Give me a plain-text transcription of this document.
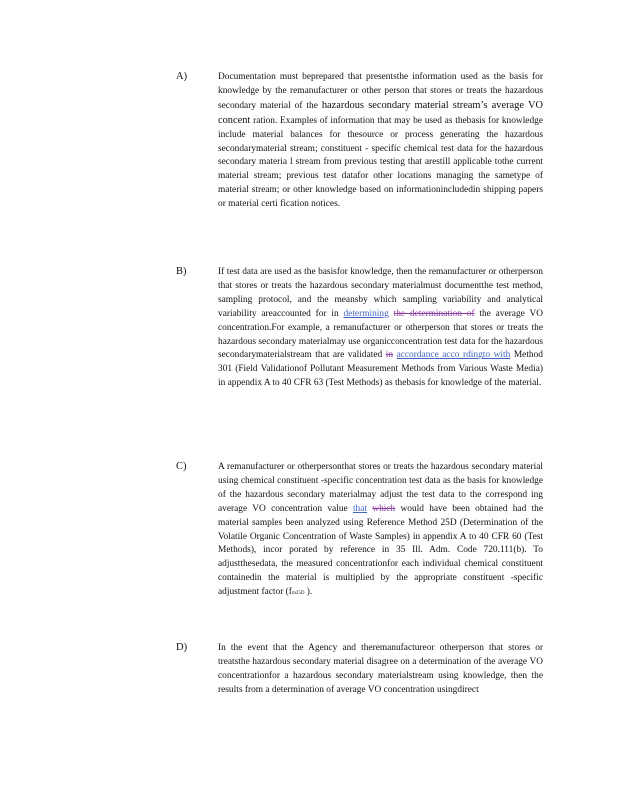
A)	Documentation must beprepared that presentsthe information used as the basis for knowledge by the remanufacturer or other person that stores or treats the hazardous secondary material of the hazardous secondary material stream’s average VO concent ration. Examples of information that may be used as thebasis for knowledge include material balances for thesource or process generating the hazardous secondarymaterial stream; constituent - specific chemical test data for the hazardous secondary materia l stream from previous testing that arestill applicable tothe current material stream; previous test datafor other locations managing the sametype of material stream; or other knowledge based on informationincludedin shipping papers or material certi fication notices.
B)	If test data are used as the basisfor knowledge, then the remanufacturer or otherperson that stores or treats the hazardous secondary materialmust documentthe test method, sampling protocol, and the meansby which sampling variability and analytical variability areaccounted for in determining the determination of the average VO concentration.For example, a remanufacturer or otherperson that stores or treats the hazardous secondary materialmay use organicconcentration test data for the hazardous secondarymaterialstream that are validated in accordance acco rdingto with Method 301 (Field Validationof Pollutant Measurement Methods from Various Waste Media) in appendix A to 40 CFR 63 (Test Methods) as thebasis for knowledge of the material.
C)	A remanufacturer or otherpersonthat stores or treats the hazardous secondary material using chemical constituent -specific concentration test data as the basis for knowledge of the hazardous secondary materialmay adjust the test data to the correspond ing average VO concentration value that which would have been obtained had the material samples been analyzed using Reference Method 25D (Determination of the Volatile Organic Concentration of Waste Samples) in appendix A to 40 CFR 60 (Test Methods), incor porated by reference in 35 Ill. Adm. Code 720.111(b). To adjustthesedata, the measured concentrationfor each individual chemical constituent containedin the material is multiplied by the appropriate constituent -specific adjustment factor (fm25D ).
D)	In the event that the Agency and theremanufactureor otherperson that stores or treatsthe hazardous secondary material disagree on a determination of the average VO concentrationfor a hazardous secondary materialstream using knowledge, then the results from a determination of average VO concentration usingdirect
